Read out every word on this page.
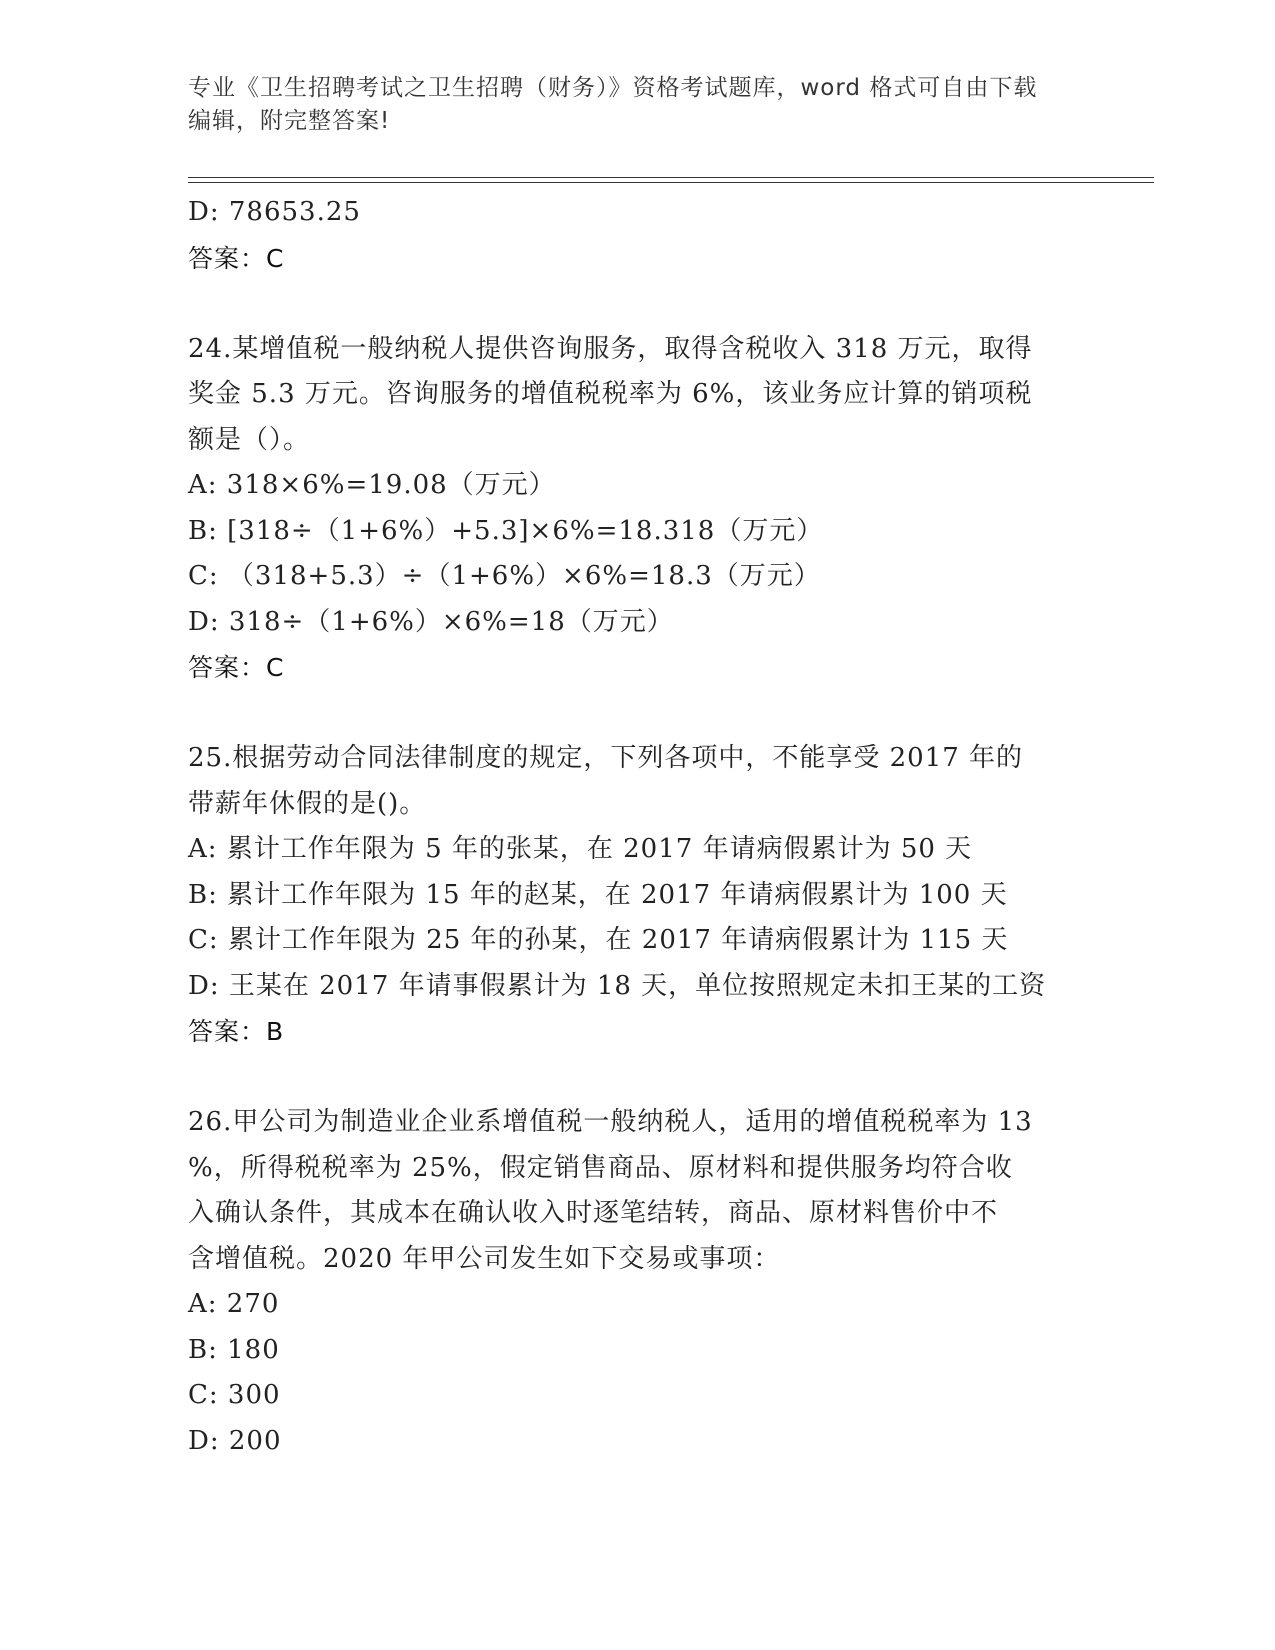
专业《卫生招聘考试之卫生招聘（财务）》资格考试题库，word 格式可自由下载
编辑，附完整答案!
D: 78653.25
答案：C
24.某增值税一般纳税人提供咨询服务，取得含税收入 318 万元，取得
奖金 5.3 万元。咨询服务的增值税税率为 6%，该业务应计算的销项税
额是（）。
A: 318×6%=19.08（万元）
B: [318÷（1+6%）+5.3]×6%=18.318（万元）
C: （318+5.3）÷（1+6%）×6%=18.3（万元）
D: 318÷（1+6%）×6%=18（万元）
答案：C
25.根据劳动合同法律制度的规定，下列各项中，不能享受 2017 年的
带薪年休假的是()。
A: 累计工作年限为 5 年的张某，在 2017 年请病假累计为 50 天
B: 累计工作年限为 15 年的赵某，在 2017 年请病假累计为 100 天
C: 累计工作年限为 25 年的孙某，在 2017 年请病假累计为 115 天
D: 王某在 2017 年请事假累计为 18 天，单位按照规定未扣王某的工资
答案：B
26.甲公司为制造业企业系增值税一般纳税人，适用的增值税税率为 13
%，所得税税率为 25%，假定销售商品、原材料和提供服务均符合收
入确认条件，其成本在确认收入时逐笔结转，商品、原材料售价中不
含增值税。2020 年甲公司发生如下交易或事项：
A: 270
B: 180
C: 300
D: 200
